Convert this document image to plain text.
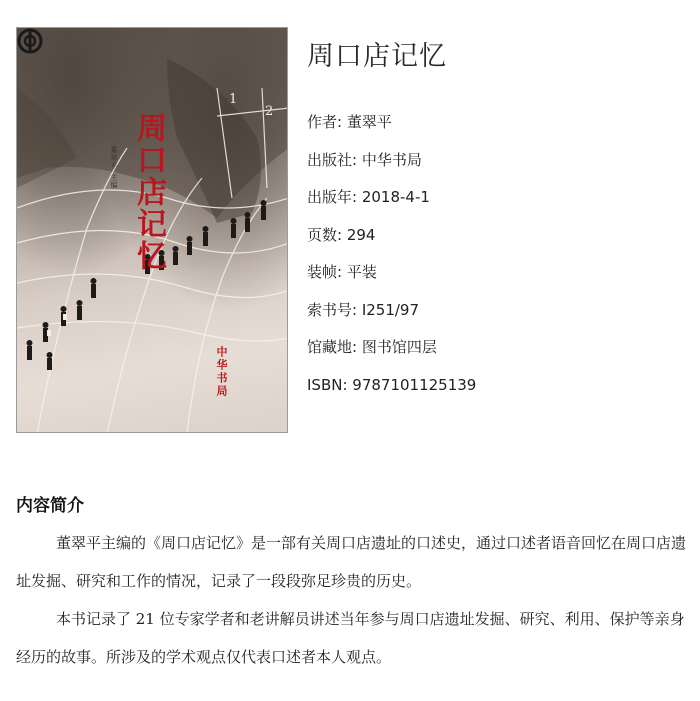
1
2
周口店记忆
董翠平 主编
中华书局
周口店记忆
作者: 董翠平
出版社: 中华书局
出版年: 2018-4-1
页数: 294
装帧: 平装
索书号: I251/97
馆藏地: 图书馆四层
ISBN: 9787101125139
内容简介

董翠平主编的《周口店记忆》是一部有关周口店遗址的口述史，通过口述者语音回忆在周口店遗址发掘、研究和工作的情况，记录了一段段弥足珍贵的历史。

本书记录了 21 位专家学者和老讲解员讲述当年参与周口店遗址发掘、研究、利用、保护等亲身经历的故事。所涉及的学术观点仅代表口述者本人观点。
